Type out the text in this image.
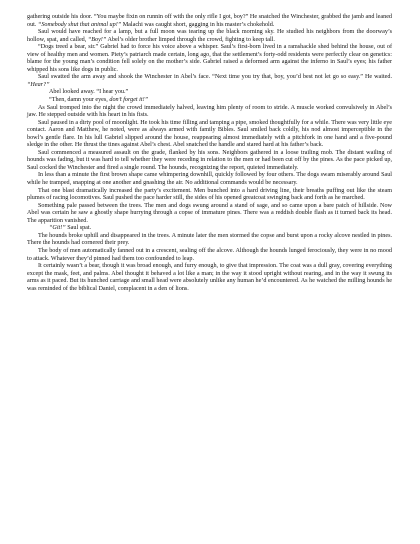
gathering outside his door. “You maybe fixin on runnin off with the only rifle I got, boy?” He snatched the Winchester, grabbed the jamb and leaned out. “Somebody shut that animal up!” Malachi was caught short, gagging in his master’s chokehold.

Saul would have reached for a lamp, but a full moon was tearing up the black morning sky. He studied his neighbors from the doorway’s hollow, spat, and called, “Boy!” Abel’s older brother limped through the crowd, fighting to keep tall.

“Dogs treed a bear, sir.” Gabriel had to force his voice above a whisper. Saul’s first-born lived in a ramshackle shed behind the house, out of view of healthy men and women. Piety’s patriarch made certain, long ago, that the settlement’s forty-odd residents were perfectly clear on genetics: blame for the young man’s condition fell solely on the mother’s side. Gabriel raised a deformed arm against the inferno in Saul’s eyes; his father whipped his sons like dogs in public.

Saul swatted the arm away and shook the Winchester in Abel’s face. “Next time you try that, boy, you’d best not let go so easy.” He waited. “Hear?”

Abel looked away. “I hear you.”

“Then, damn your eyes, don’t forget it!”

As Saul tromped into the night the crowd immediately halved, leaving him plenty of room to stride. A muscle worked convulsively in Abel’s jaw. He stepped outside with his heart in his fists.

Saul paused in a dirty pool of moonlight. He took his time filling and tamping a pipe, smoked thoughtfully for a while. There was very little eye contact. Aaron and Matthew, he noted, were as always armed with family Bibles. Saul smiled back coldly, his nod almost imperceptible in the bowl’s gentle flare. In his lull Gabriel slipped around the house, reappearing almost immediately with a pitchfork in one hand and a five-pound sledge in the other. He thrust the tines against Abel’s chest. Abel snatched the handle and stared hard at his father’s back.

Saul commenced a measured assault on the grade, flanked by his sons. Neighbors gathered in a loose trailing mob. The distant wailing of hounds was fading, but it was hard to tell whether they were receding in relation to the men or had been cut off by the pines. As the pace picked up, Saul cocked the Winchester and fired a single round. The hounds, recognizing the report, quieted immediately.

In less than a minute the first brown shape came whimpering downhill, quickly followed by four others. The dogs swam miserably around Saul while he tramped, snapping at one another and gnashing the air. No additional commands would be necessary.

That one blast dramatically increased the party’s excitement. Men bunched into a hard driving line, their breaths puffing out like the steam plumes of racing locomotives. Saul pushed the pace harder still, the sides of his opened greatcoat swinging back and forth as he marched.

Something pale passed between the trees. The men and dogs swung around a stand of sage, and so came upon a bare patch of hillside. Now Abel was certain he saw a ghostly shape hurrying through a copse of immature pines. There was a reddish double flash as it turned back its head. The apparition vanished.

“Git!” Saul spat.

The hounds broke uphill and disappeared in the trees. A minute later the men stormed the copse and burst upon a rocky alcove nestled in pines. There the hounds had cornered their prey.

The body of men automatically fanned out in a crescent, sealing off the alcove. Although the hounds lunged ferociously, they were in no mood to attack. Whatever they’d pinned had them too confounded to leap.

It certainly wasn’t a bear, though it was broad enough, and furry enough, to give that impression. The coat was a dull gray, covering everything except the mask, feet, and palms. Abel thought it behaved a lot like a man; in the way it stood upright without rearing, and in the way it swung its arms as it paced. But its hunched carriage and small head were absolutely unlike any human he’d encountered. As he watched the milling hounds he was reminded of the biblical Daniel, complacent in a den of lions.
